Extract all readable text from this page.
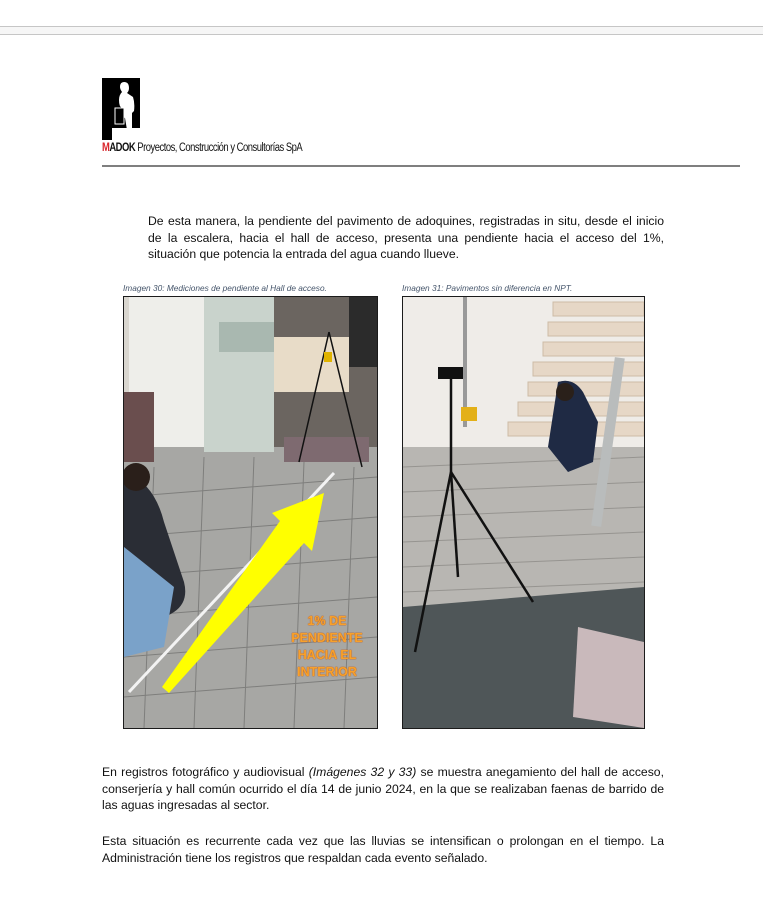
MADOK Proyectos, Construcción y Consultorías SpA
De esta manera, la pendiente del pavimento de adoquines, registradas in situ, desde el inicio de la escalera, hacia el hall de acceso, presenta una pendiente hacia el acceso del 1%, situación que potencia la entrada del agua cuando llueve.
Imagen 30: Mediciones de pendiente al Hall de acceso.	Imagen 31: Pavimentos sin diferencia en NPT.
1% DE
PENDIENTE
HACIA EL
INTERIOR
En registros fotográfico y audiovisual (Imágenes 32 y 33) se muestra anegamiento del hall de acceso, conserjería y hall común ocurrido el día 14 de junio 2024, en la que se realizaban faenas de barrido de las aguas ingresadas al sector.
Esta situación es recurrente cada vez que las lluvias se intensifican o prolongan en el tiempo. La Administración tiene los registros que respaldan cada evento señalado.
